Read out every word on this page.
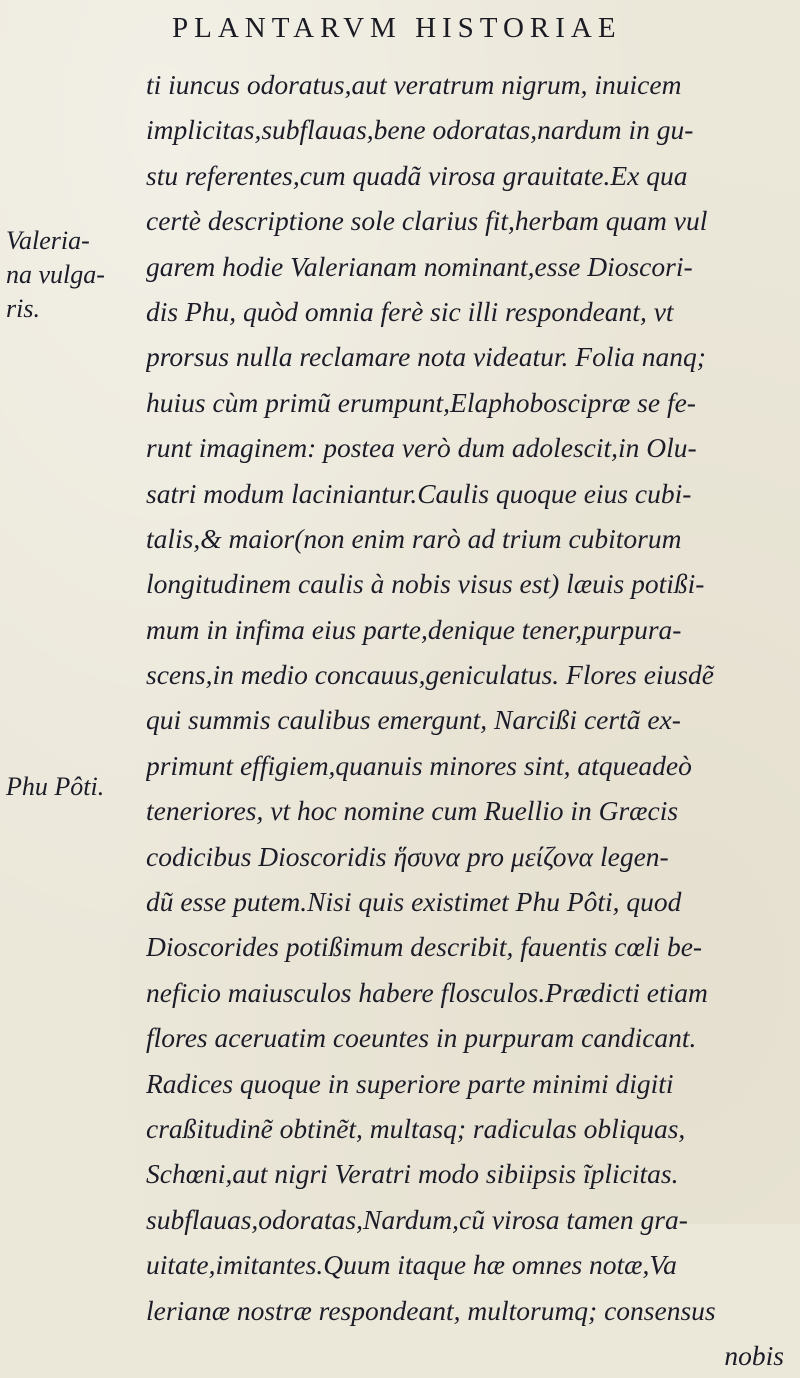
PLANTARVM HISTORIAE
Valeria-
na vulga-
ris.
Phu Pôti.
ti iuncus odoratus,aut veratrum nigrum, inuicem
implicitas,subflauas,bene odoratas,nardum in gu-
stu referentes,cum quadã virosa grauitate.Ex qua
certè descriptione sole clarius fit,herbam quam vul
garem hodie Valerianam nominant,esse Dioscori-
dis Phu, quòd omnia ferè sic illi respondeant, vt
prorsus nulla reclamare nota videatur. Folia nanq;
huius cùm primũ erumpunt,Elaphoboscipræ se fe-
runt imaginem: postea verò dum adolescit,in Olu-
satri modum laciniantur.Caulis quoque eius cubi-
talis,& maior(non enim rarò ad trium cubitorum
longitudinem caulis à nobis visus est) læuis potißi-
mum in infima eius parte,denique tener,purpura-
scens,in medio concauus,geniculatus. Flores eiusdẽ
qui summis caulibus emergunt, Narcißi certã ex-
primunt effigiem,quanuis minores sint, atqueadeò
teneriores, vt hoc nomine cum Ruellio in Græcis
codicibus Dioscoridis ἥσυνα pro μείζονα legen-
dũ esse putem.Nisi quis existimet Phu Pôti, quod
Dioscorides potißimum describit, fauentis cœli be-
neficio maiusculos habere flosculos.Prædicti etiam
flores aceruatim coeuntes in purpuram candicant.
Radices quoque in superiore parte minimi digiti
craßitudinẽ obtinẽt, multasq; radiculas obliquas,
Schœni,aut nigri Veratri modo sibiipsis ĩplicitas.
subflauas,odoratas,Nardum,cũ virosa tamen gra-
uitate,imitantes.Quum itaque hæ omnes notæ,Va
lerianæ nostræ respondeant, multorumq; consensus
nobis
